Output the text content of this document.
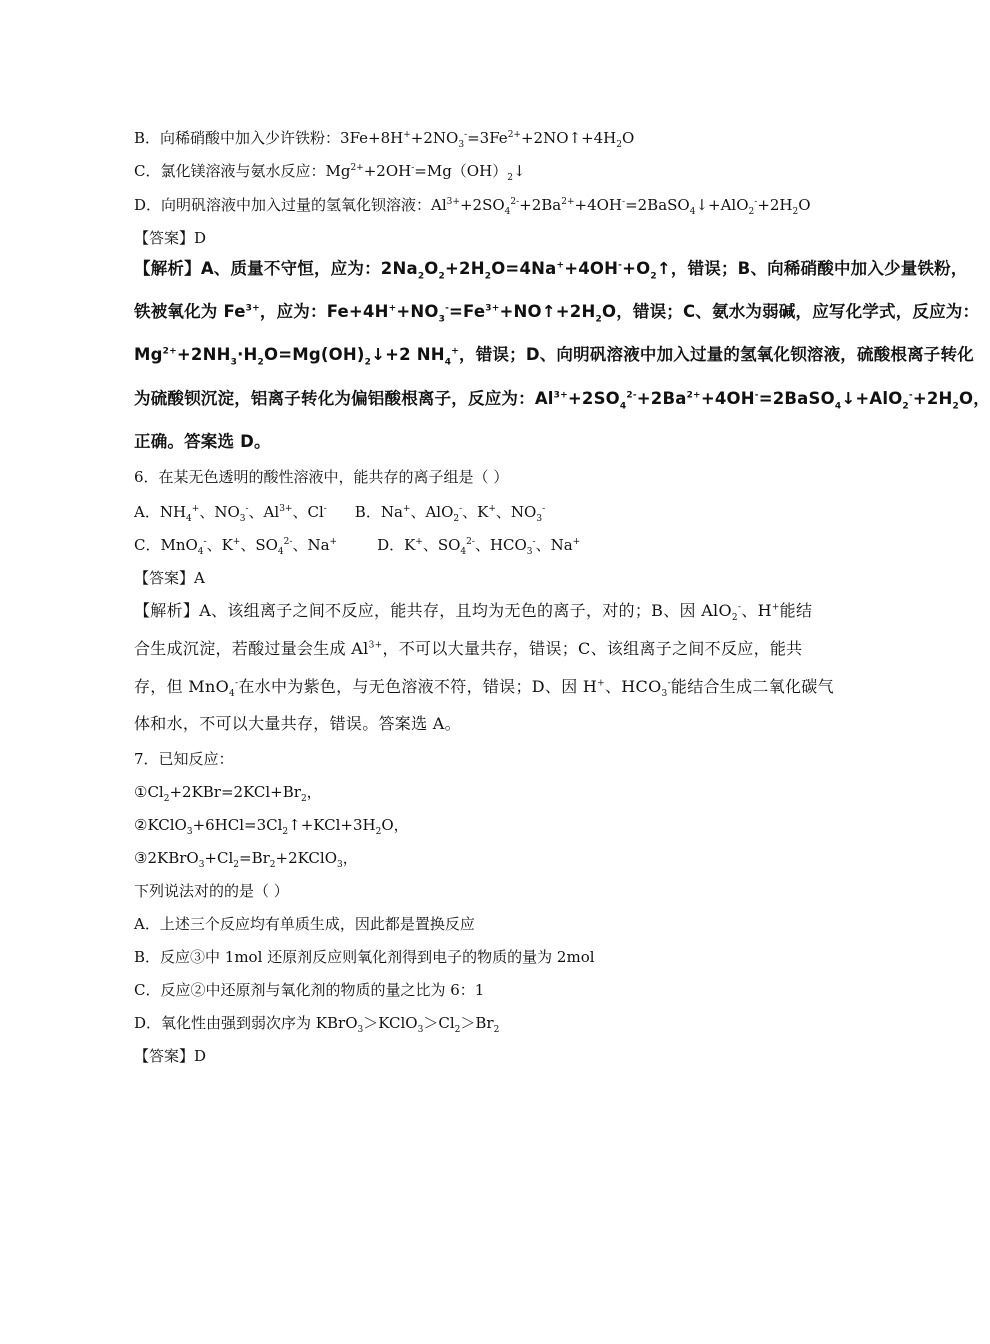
B．向稀硝酸中加入少许铁粉：$3Fe+8H^++2NO_3^-=3Fe^{2+}+2NO↑+4H_2O$
C．氯化镁溶液与氨水反应：$Mg^{2+}+2OH^-=Mg(OH)_2↓$
D．向明矾溶液中加入过量的氢氧化钡溶液：$Al^{3+}+2SO_4^{2-}+2Ba^{2+}+4OH^-=2BaSO_4↓+AlO_2^-+2H_2O$
【答案】D
【解析】A、质量不守恒，应为：$2Na_2O_2+2H_2O=4Na^++4OH^-+O_2↑$，错误；B、向稀硝酸中加入少量铁粉，
铁被氧化为 $Fe^{3+}$，应为：$Fe+4H^++NO_3^-=Fe^{3+}+NO↑+2H_2O$，错误；C、氨水为弱碱，应写化学式，反应为：
$Mg^{2+}+2NH_3\cdot H_2O=Mg(OH)_2↓+2$ $NH_4^+$，错误；D、向明矾溶液中加入过量的氢氧化钡溶液，硫酸根离子转化
为硫酸钡沉淀，铝离子转化为偏铝酸根离子，反应为：$Al^{3+}+2SO_4^{2-}+2Ba^{2+}+4OH^-=2BaSO_4↓+AlO_2^-+2H_2O$，
正确。答案选 D。
6．在某无色透明的酸性溶液中，能共存的离子组是（ ）
A．$NH_4^+$、$NO_3^-$、$Al^{3+}$、Cl- B．Na+、AlO$_2$-、K+、$NO_3^-$
C．MnO$_4$-、K+、$SO_4^{2-}$、Na+	D．K+、$SO_4^{2-}$、$HCO_3^-$、Na+
【答案】A
【解析】A、该组离子之间不反应，能共存，且均为无色的离子，对的；B、因 AlO$_2$-、H+能结
合生成沉淀，若酸过量会生成 $Al^{3+}$，不可以大量共存，错误；C、该组离子之间不反应，能共
存，但 MnO$_4$-在水中为紫色，与无色溶液不符，错误；D、因 H+、$HCO_3^-$能结合生成二氧化碳气
体和水，不可以大量共存，错误。答案选 A。
7．已知反应：
$①Cl_2+2KBr=2KCl+Br_2$，
$②KClO_3+6HCl=3Cl_2↑+KCl+3H_2O$，
$③2KBrO_3+Cl_2=Br_2+2KClO_3$，
下列说法对的的是（ ）
A．上述三个反应均有单质生成，因此都是置换反应
B．反应③中 1mol 还原剂反应则氧化剂得到电子的物质的量为 2mol
C．反应②中还原剂与氧化剂的物质的量之比为 6：1
D．氧化性由强到弱次序为 $KBrO_3>KClO_3>Cl_2>Br_2$
【答案】D
